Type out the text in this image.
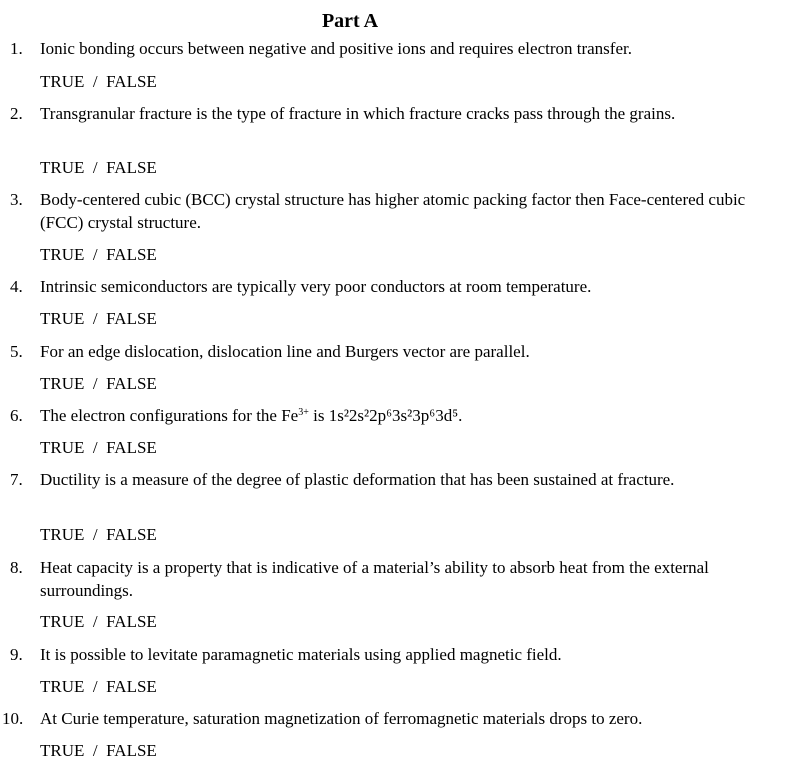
Part A
1.	Ionic bonding occurs between negative and positive ions and requires electron transfer.
TRUE  /  FALSE
2.	Transgranular fracture is the type of fracture in which fracture cracks pass through the grains.
TRUE  /  FALSE
3.	Body-centered cubic (BCC) crystal structure has higher atomic packing factor then Face-centered cubic (FCC) crystal structure.
TRUE  /  FALSE
4.	Intrinsic semiconductors are typically very poor conductors at room temperature.
TRUE  /  FALSE
5.	For an edge dislocation, dislocation line and Burgers vector are parallel.
TRUE  /  FALSE
6.	The electron configurations for the $Fe^{3+}$ is 1s²2s²2p⁶3s²3p⁶3d⁵.
TRUE  /  FALSE
7.	Ductility is a measure of the degree of plastic deformation that has been sustained at fracture.
TRUE  /  FALSE
8.	Heat capacity is a property that is indicative of a material’s ability to absorb heat from the external surroundings.
TRUE  /  FALSE
9.	It is possible to levitate paramagnetic materials using applied magnetic field.
TRUE  /  FALSE
10. At Curie temperature, saturation magnetization of ferromagnetic materials drops to zero.
TRUE  /  FALSE
